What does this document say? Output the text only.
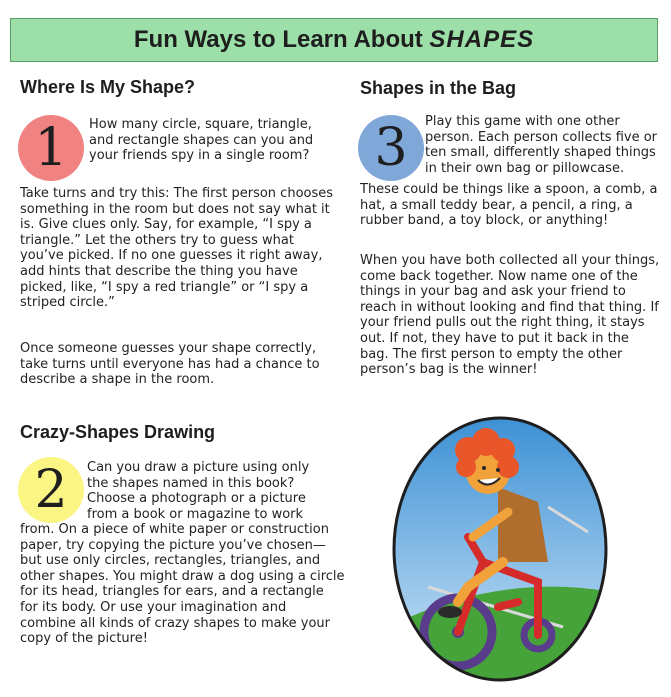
Fun Ways to Learn About SHAPES
Where Is My Shape?
1	How many circle, square, triangle, and rectangle shapes can you and your friends spy in a single room?

Take turns and try this: The first person chooses something in the room but does not say what it is. Give clues only. Say, for example, “I spy a triangle.” Let the others try to guess what you’ve picked. If no one guesses it right away, add hints that describe the thing you have picked, like, “I spy a red triangle” or “I spy a striped circle.”

Once someone guesses your shape correctly, take turns until everyone has had a chance to describe a shape in the room.

Crazy-Shapes Drawing
2	Can you draw a picture using only the shapes named in this book? Choose a photograph or a picture from a book or magazine to work

from. On a piece of white paper or construction paper, try copying the picture you’ve chosen—but use only circles, rectangles, triangles, and other shapes. You might draw a dog using a circle for its head, triangles for ears, and a rectangle for its body. Or use your imagination and combine all kinds of crazy shapes to make your copy of the picture!

Shapes in the Bag
3	Play this game with one other person. Each person collects five or ten small, differently shaped things in their own bag or pillowcase.

These could be things like a spoon, a comb, a hat, a small teddy bear, a pencil, a ring, a rubber band, a toy block, or anything!

When you have both collected all your things, come back together. Now name one of the things in your bag and ask your friend to reach in without looking and find that thing. If your friend pulls out the right thing, it stays out. If not, they have to put it back in the bag. The first person to empty the other person’s bag is the winner!
